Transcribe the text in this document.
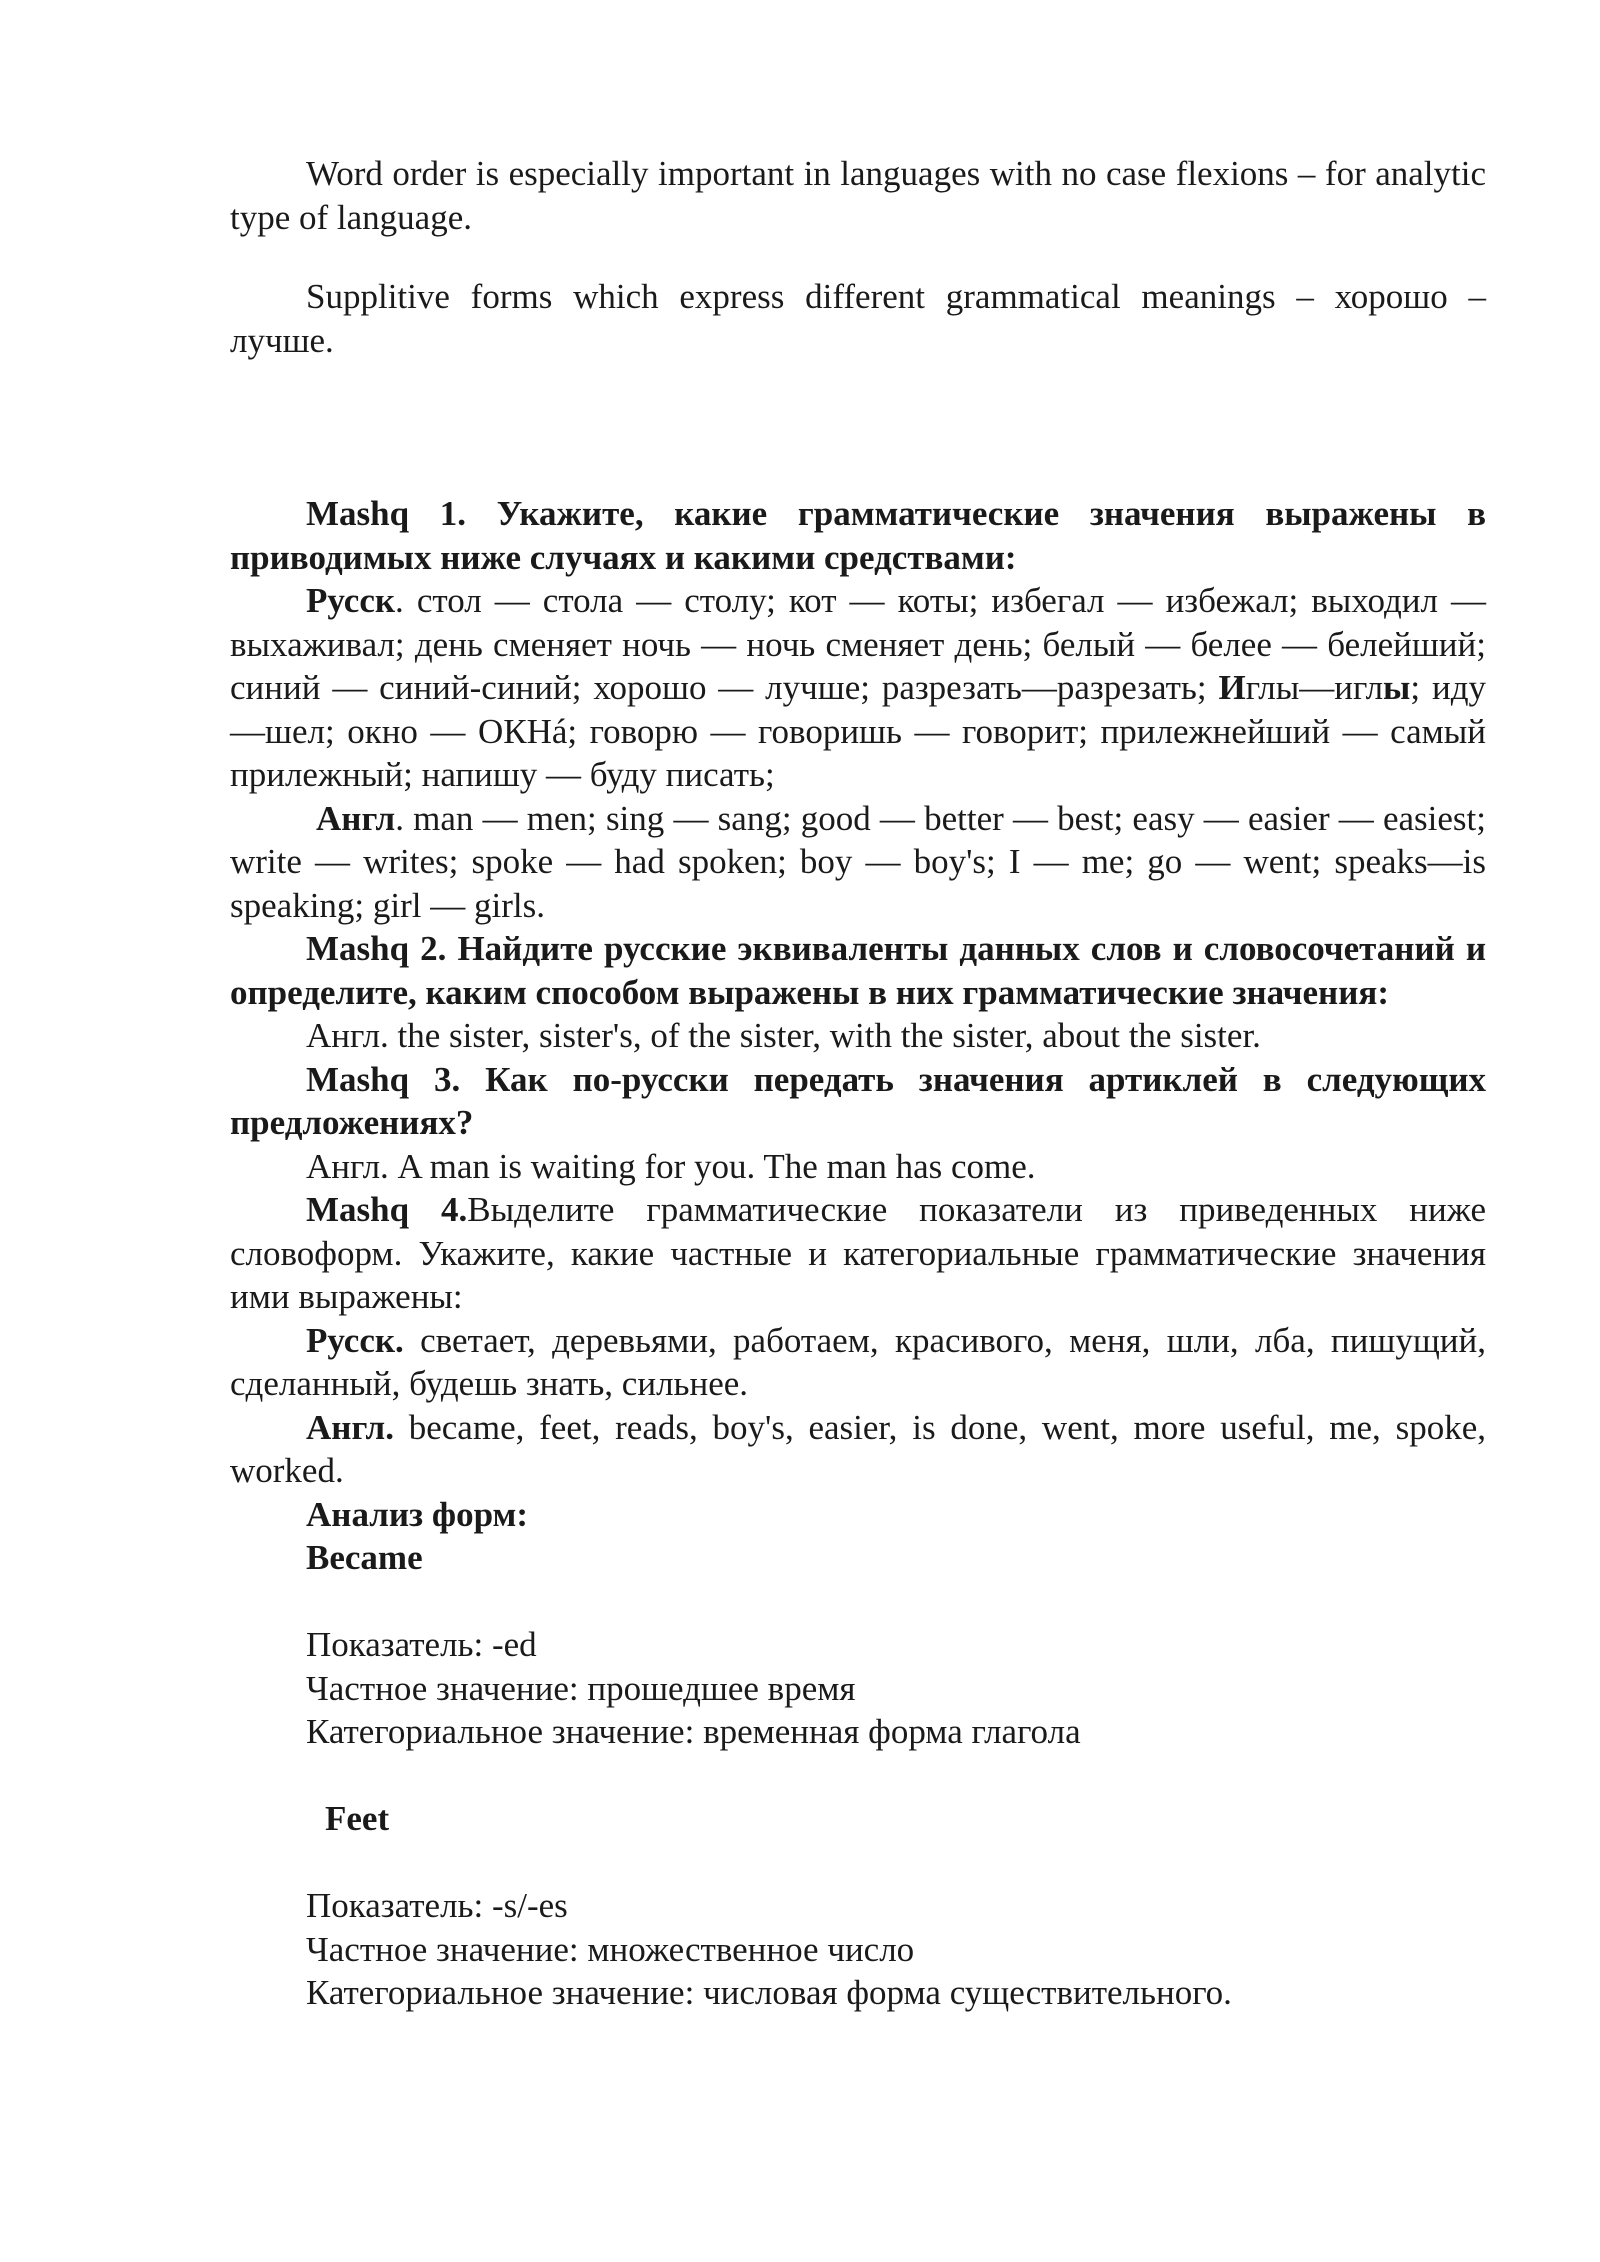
Word order is especially important in languages with no case flexions – for analytic type of language.

Supplitive forms which express different grammatical meanings – хорошо – лучше.

Mashq 1. Укажите, какие грамматические значения выражены в приводимых ниже случаях и какими средствами:

Русск. стол — стола — столу; кот — коты; избегал — избежал; выходил — выхаживал; день сменяет ночь — ночь сменяет день; белый — белее — белейший; синий — синий-синий; хорошо — лучше; разрезать—разрезать; Иглы—иглы; иду—шел; окно — ОКНá; говорю — говоришь — говорит; прилежнейший — самый прилежный; напишу — буду писать;

Англ. man — men; sing — sang; good — better — best; easy — easier — easiest; write — writes; spoke — had spoken; boy — boy's; I — me; go — went; speaks—is speaking; girl — girls.

Mashq 2. Найдите русские эквиваленты данных слов и словосочетаний и определите, каким способом выражены в них грамматические значения:

Англ. the sister, sister's, of the sister, with the sister, about the sister.

Mashq 3. Как по-русски передать значения артиклей в следующих предложениях?

Англ. A man is waiting for you. The man has come.

Mashq 4.Выделите грамматические показатели из приведенных ниже словоформ. Укажите, какие частные и категориальные грамматические значения ими выражены:

Русск. светает, деревьями, работаем, красивого, меня, шли, лба, пишущий, сделанный, будешь знать, сильнее.

Англ. became, feet, reads, boy's, easier, is done, went, more useful, me, spoke, worked.

Анализ форм:

Became

Показатель: -ed

Частное значение: прошедшее время

Категориальное значение: временная форма глагола

Feet

Показатель: -s/-es

Частное значение: множественное число

Категориальное значение: числовая форма существительного.
